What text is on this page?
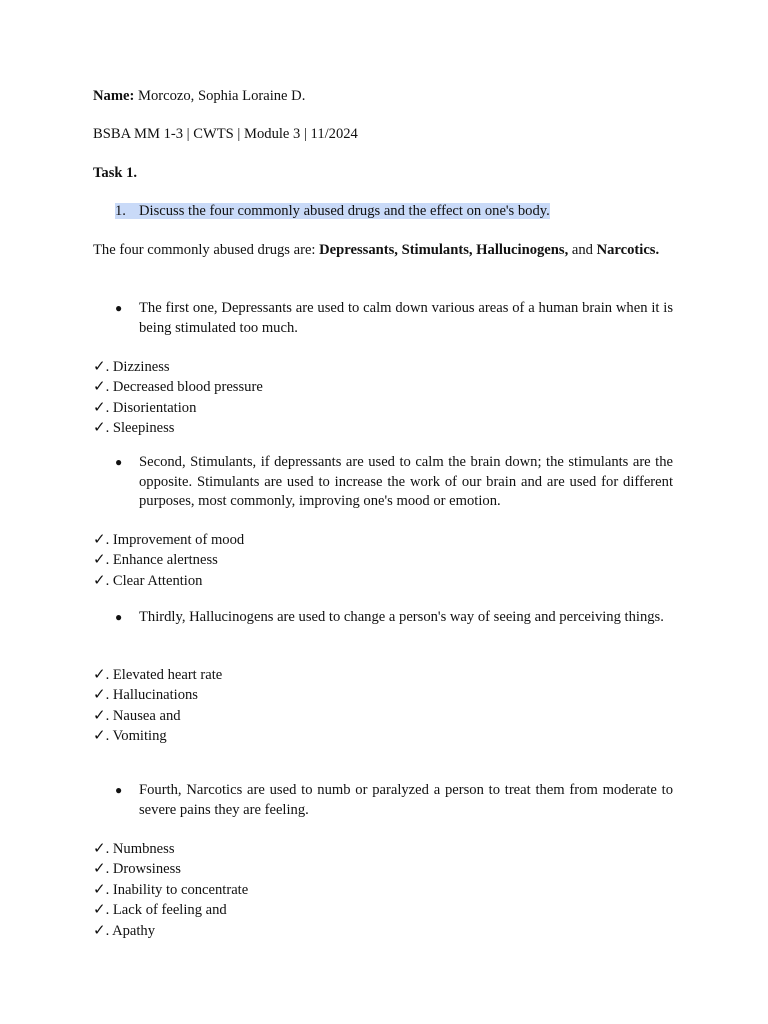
Name: Morcozo, Sophia Loraine D.
BSBA MM 1-3 | CWTS | Module 3 | 11/2024
Task 1.
1. Discuss the four commonly abused drugs and the effect on one's body.
The four commonly abused drugs are: Depressants, Stimulants, Hallucinogens, and Narcotics.
● The first one, Depressants are used to calm down various areas of a human brain when it is being stimulated too much.
✓. Dizziness
✓. Decreased blood pressure
✓. Disorientation
✓. Sleepiness
● Second, Stimulants, if depressants are used to calm the brain down; the stimulants are the opposite. Stimulants are used to increase the work of our brain and are used for different purposes, most commonly, improving one's mood or emotion.
✓. Improvement of mood
✓. Enhance alertness
✓. Clear Attention
● Thirdly, Hallucinogens are used to change a person's way of seeing and perceiving things.
✓. Elevated heart rate
✓. Hallucinations
✓. Nausea and
✓. Vomiting
● Fourth, Narcotics are used to numb or paralyzed a person to treat them from moderate to severe pains they are feeling.
✓. Numbness
✓. Drowsiness
✓. Inability to concentrate
✓. Lack of feeling and
✓. Apathy
